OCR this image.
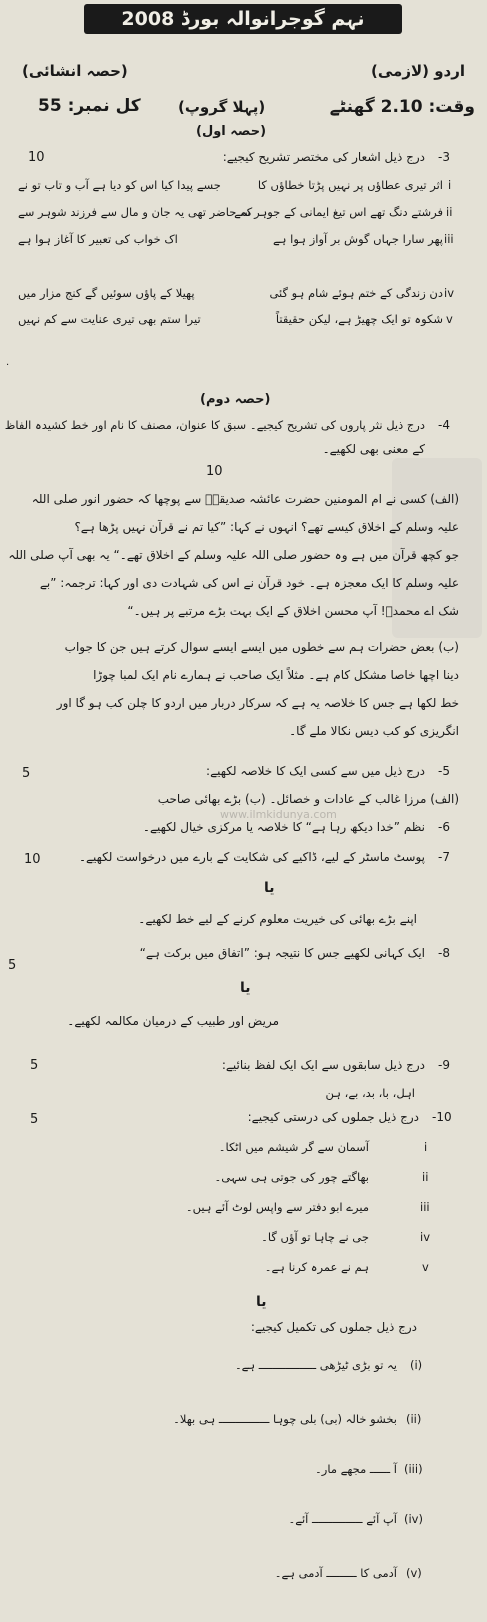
نہم گوجرانوالہ بورڈ 2008
اردو (لازمی)
(حصہ انشائی)
وقت: 2.10 گھنٹے
(پہلا گروپ)
کل نمبر: 55
(حصہ اول)
-3
درج ذیل اشعار کی مختصر تشریح کیجیے:
10
i
اثر تیری عطاؤں پر نہیں پڑتا خطاؤں کا
جسے پیدا کیا اس کو دیا ہے آب و تاب تو نے
ii
فرشتے دنگ تھے اس تیغ ایمانی کے جوہر سے
کہ حاضر تھی یہ جان و مال سے فرزند شوہر سے
iii
پھر سارا جہاں گوش بر آواز ہوا ہے
اک خواب کی تعبیر کا آغاز ہوا ہے
iv
دن زندگی کے ختم ہوئے شام ہو گئی
پھیلا کے پاؤں سوئیں گے کنج مزار میں
v
شکوہ تو ایک چھیڑ ہے، لیکن حقیقتاً
تیرا ستم بھی تیری عنایت سے کم نہیں
·
(حصہ دوم)
-4
درج ذیل نثر پاروں کی تشریح کیجیے۔ سبق کا عنوان، مصنف کا نام اور خط کشیدہ الفاظ
کے معنی بھی لکھیے۔
10
(الف) کسی نے ام المومنین حضرت عائشہ صدیقہؓ سے پوچھا کہ حضور انور صلی اللہ
علیہ وسلم کے اخلاق کیسے تھے؟ انہوں نے کہا: ”کیا تم نے قرآن نہیں پڑھا ہے؟
جو کچھ قرآن میں ہے وہ حضور صلی اللہ علیہ وسلم کے اخلاق تھے۔“ یہ بھی آپ صلی اللہ
علیہ وسلم کا ایک معجزہ ہے۔ خود قرآن نے اس کی شہادت دی اور کہا: ترجمہ: ”بے
شک اے محمدؐ! آپ محسن اخلاق کے ایک بہت بڑے مرتبے پر ہیں۔“
(ب) بعض حضرات ہم سے خطوں میں ایسے ایسے سوال کرتے ہیں جن کا جواب
دینا اچھا خاصا مشکل کام ہے۔ مثلاً ایک صاحب نے ہمارے نام ایک لمبا چوڑا
خط لکھا ہے جس کا خلاصہ یہ ہے کہ سرکار دربار میں اردو کا چلن کب ہو گا اور
انگریزی کو کب دیس نکالا ملے گا۔
www.ilmkidunya.com
-5
درج ذیل میں سے کسی ایک کا خلاصہ لکھیے:
5
(الف) مرزا غالب کے عادات و خصائل۔ (ب) بڑے بھائی صاحب
-6
نظم ”خدا دیکھ رہا ہے“ کا خلاصہ یا مرکزی خیال لکھیے۔
-7
پوسٹ ماسٹر کے لیے، ڈاکیے کی شکایت کے بارے میں درخواست لکھیے۔
10
یا
اپنے بڑے بھائی کی خیریت معلوم کرنے کے لیے خط لکھیے۔
-8
ایک کہانی لکھیے جس کا نتیجہ ہو: ”اتفاق میں برکت ہے“
5
یا
مریض اور طبیب کے درمیان مکالمہ لکھیے۔
-9
درج ذیل سابقوں سے ایک ایک لفظ بنائیے:
5
اہل، با، بد، بے، ہن
-10
درج ذیل جملوں کی درستی کیجیے:
5
i
آسمان سے گر شیشم میں اٹکا۔
ii
بھاگتے چور کی جوتی ہی سہی۔
iii
میرے ابو دفتر سے واپس لوٹ آئے ہیں۔
iv
جی نے چاہا تو آؤں گا۔
v
ہم نے عمرہ کرنا ہے۔
یا
درج ذیل جملوں کی تکمیل کیجیے:
(i)
یہ تو بڑی ٹیڑھی ـــــــــــــــــ ہے۔
(ii)
بخشو خالہ (بی) بلی چوہا ـــــــــــــــ ہی بھلا۔
(iii)
آ ــــــ مجھے مار۔
(iv)
آپ آئے ـــــــــــــــ آئے۔
(v)
آدمی کا ـــــــــ آدمی ہے۔
